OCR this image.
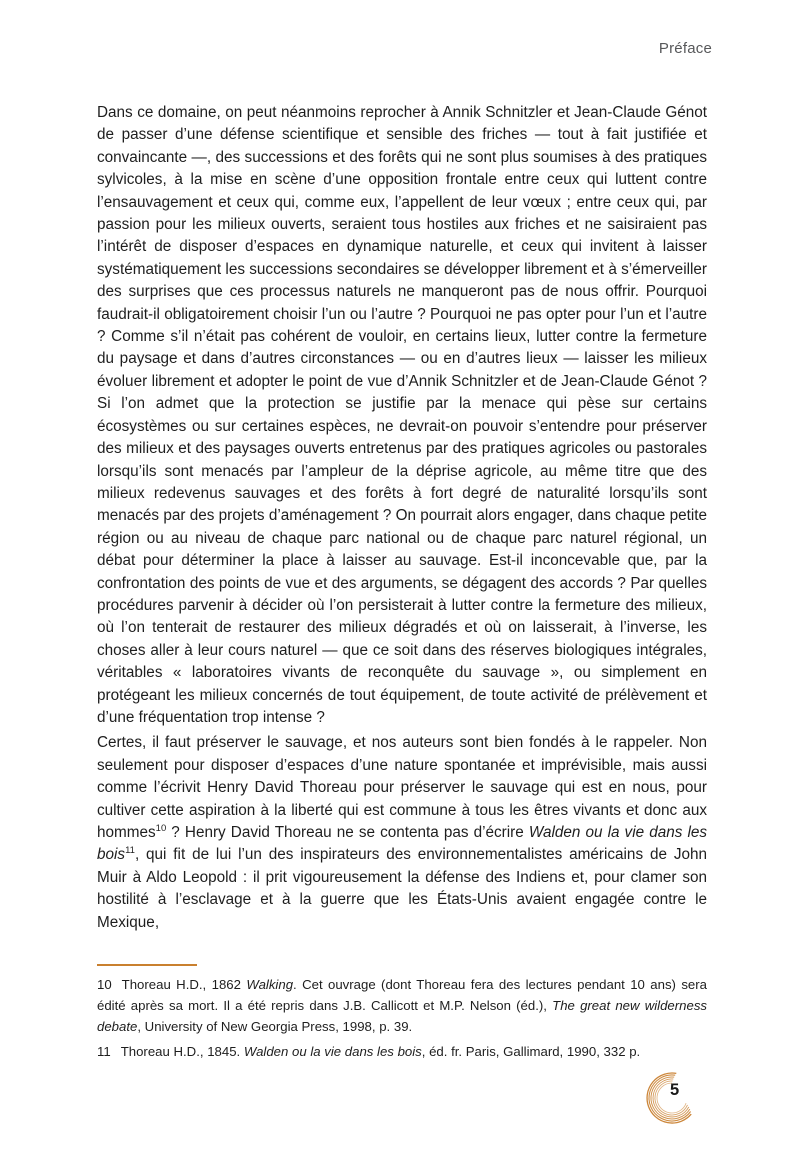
Préface

Dans ce domaine, on peut néanmoins reprocher à Annik Schnitzler et Jean-Claude Génot de passer d’une défense scientifique et sensible des friches — tout à fait justifiée et convaincante —, des successions et des forêts qui ne sont plus soumises à des pratiques sylvicoles, à la mise en scène d’une opposition frontale entre ceux qui luttent contre l’ensauvagement et ceux qui, comme eux, l’appellent de leur vœux ; entre ceux qui, par passion pour les milieux ouverts, seraient tous hostiles aux friches et ne saisiraient pas l’intérêt de disposer d’espaces en dynamique naturelle, et ceux qui invitent à laisser systématiquement les successions secondaires se développer librement et à s’émerveiller des surprises que ces processus naturels ne manqueront pas de nous offrir. Pourquoi faudrait-il obligatoirement choisir l’un ou l’autre ? Pourquoi ne pas opter pour l’un et l’autre ? Comme s’il n’était pas cohérent de vouloir, en certains lieux, lutter contre la fermeture du paysage et dans d’autres circonstances — ou en d’autres lieux — laisser les milieux évoluer librement et adopter le point de vue d’Annik Schnitzler et de Jean-Claude Génot ? Si l’on admet que la protection se justifie par la menace qui pèse sur certains écosystèmes ou sur certaines espèces, ne devrait-on pouvoir s’entendre pour préserver des milieux et des paysages ouverts entretenus par des pratiques agricoles ou pastorales lorsqu’ils sont menacés par l’ampleur de la déprise agricole, au même titre que des milieux redevenus sauvages et des forêts à fort degré de naturalité lorsqu’ils sont menacés par des projets d’aménagement ? On pourrait alors engager, dans chaque petite région ou au niveau de chaque parc national ou de chaque parc naturel régional, un débat pour déterminer la place à laisser au sauvage. Est-il inconcevable que, par la confrontation des points de vue et des arguments, se dégagent des accords ? Par quelles procédures parvenir à décider où l’on persisterait à lutter contre la fermeture des milieux, où l’on tenterait de restaurer des milieux dégradés et où on laisserait, à l’inverse, les choses aller à leur cours naturel — que ce soit dans des réserves biologiques intégrales, véritables « laboratoires vivants de reconquête du sauvage », ou simplement en protégeant les milieux concernés de tout équipement, de toute activité de prélèvement et d’une fréquentation trop intense ?

Certes, il faut préserver le sauvage, et nos auteurs sont bien fondés à le rappeler. Non seulement pour disposer d’espaces d’une nature spontanée et imprévisible, mais aussi comme l’écrivit Henry David Thoreau pour préserver le sauvage qui est en nous, pour cultiver cette aspiration à la liberté qui est commune à tous les êtres vivants et donc aux hommes$^{10}$ ? Henry David Thoreau ne se contenta pas d’écrire Walden ou la vie dans les bois$^{11}$, qui fit de lui l’un des inspirateurs des environnementalistes américains de John Muir à Aldo Leopold : il prit vigoureusement la défense des Indiens et, pour clamer son hostilité à l’esclavage et à la guerre que les États-Unis avaient engagée contre le Mexique,

10 Thoreau H.D., 1862 Walking. Cet ouvrage (dont Thoreau fera des lectures pendant 10 ans) sera édité après sa mort. Il a été repris dans J.B. Callicott et M.P. Nelson (éd.), The great new wilderness debate, University of New Georgia Press, 1998, p. 39.

11 Thoreau H.D., 1845. Walden ou la vie dans les bois, éd. fr. Paris, Gallimard, 1990, 332 p.

5
